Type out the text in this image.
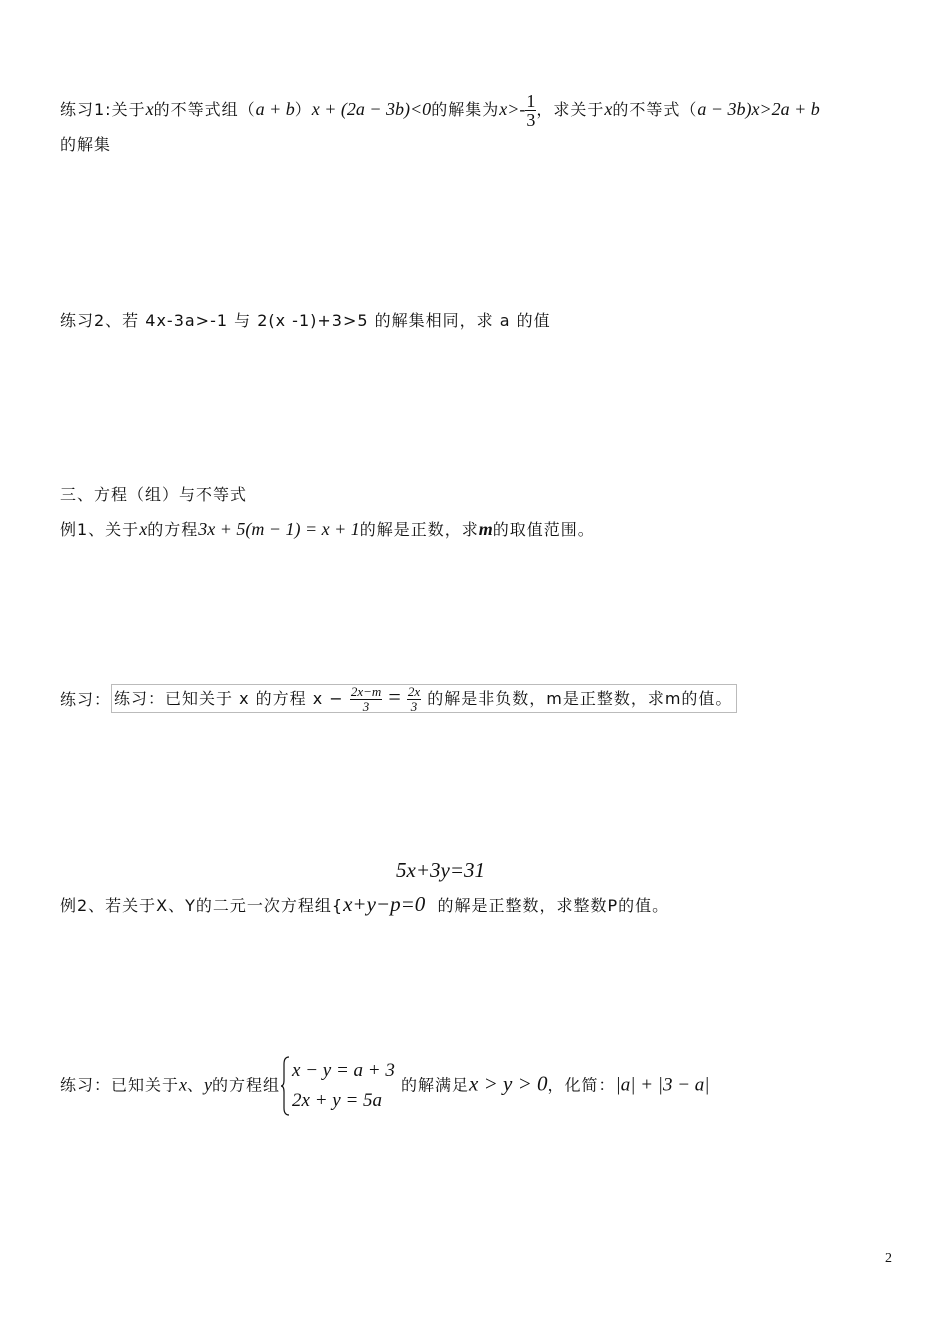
练习1:关于x的不等式组（a + b）x + (2a − 3b)<0的解集为$x>- \frac{1}{3}$ ，求关于x的不等式（a − 3b)x>2a + b
的解集
练习2、若 4x-3a>-1 与 2(x -1)+3>5 的解集相同，求 a 的值
三、方程（组）与不等式
例1、关于x的方程3x + 5(m − 1) = x + 1的解是正数，求m的取值范围。
练习： 练习：已知关于 x 的方程 $x - \frac{2x-m}{3} = \frac{2x}{3}$ 的解是非负数，m是正整数，求m的值。
5x+3y=31
例2、若关于X、Y的二元一次方程组{x+y−p=0 的解是正整数，求整数P的值。
练习：已知关于x、y的方程组
x − y = a + 3
2x + y = 5a
的解满足x > y > 0，化简：|a| + |3 − a|
2
